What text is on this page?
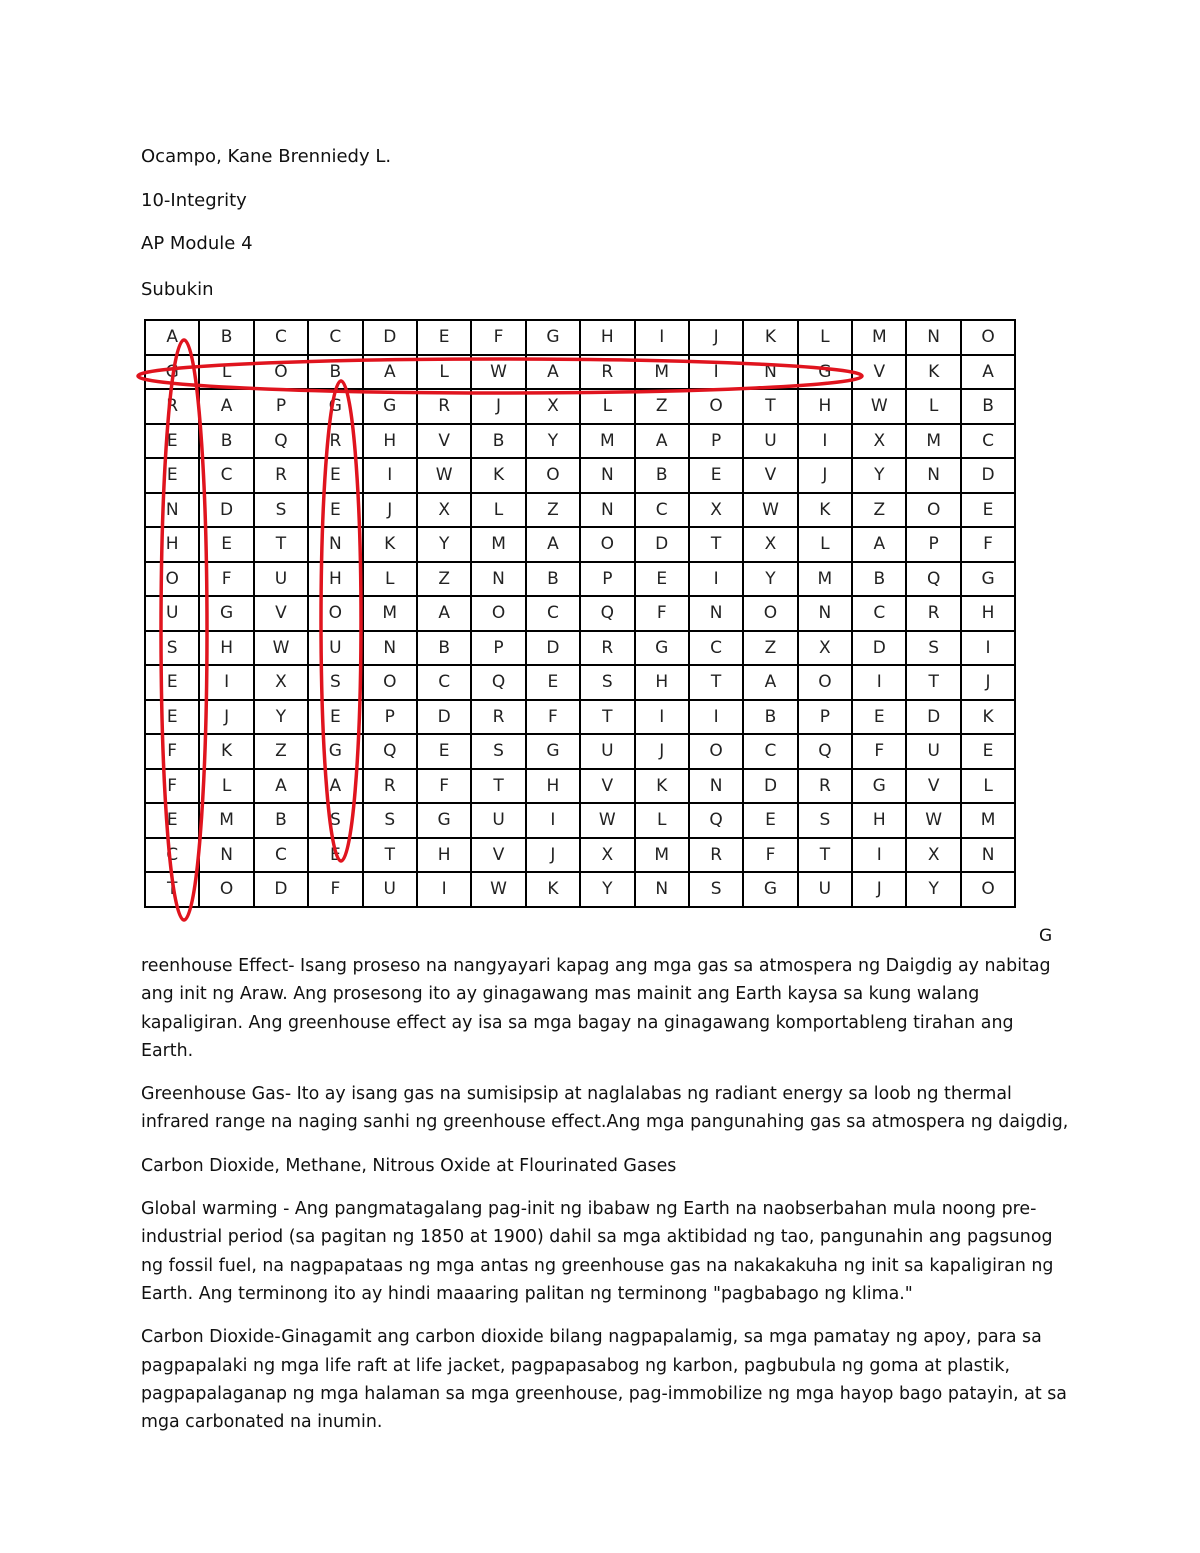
Ocampo, Kane Brenniedy L.
10-Integrity
AP Module 4
Subukin
A	B	C	C	D	E	F	G	H	I	J	K	L	M	N	O
G	L	O	B	A	L	W	A	R	M	I	N	G	V	K	A
R	A	P	G	G	R	J	X	L	Z	O	T	H	W	L	B
E	B	Q	R	H	V	B	Y	M	A	P	U	I	X	M	C
E	C	R	E	I	W	K	O	N	B	E	V	J	Y	N	D
N	D	S	E	J	X	L	Z	N	C	X	W	K	Z	O	E
H	E	T	N	K	Y	M	A	O	D	T	X	L	A	P	F
O	F	U	H	L	Z	N	B	P	E	I	Y	M	B	Q	G
U	G	V	O	M	A	O	C	Q	F	N	O	N	C	R	H
S	H	W	U	N	B	P	D	R	G	C	Z	X	D	S	I
E	I	X	S	O	C	Q	E	S	H	T	A	O	I	T	J
E	J	Y	E	P	D	R	F	T	I	I	B	P	E	D	K
F	K	Z	G	Q	E	S	G	U	J	O	C	Q	F	U	E
F	L	A	A	R	F	T	H	V	K	N	D	R	G	V	L
E	M	B	S	S	G	U	I	W	L	Q	E	S	H	W	M
C	N	C	E	T	H	V	J	X	M	R	F	T	I	X	N
T	O	D	F	U	I	W	K	Y	N	S	G	U	J	Y	O
G

reenhouse Effect- Isang proseso na nangyayari kapag ang mga gas sa atmospera ng Daigdig ay nabitag ang init ng Araw. Ang prosesong ito ay ginagawang mas mainit ang Earth kaysa sa kung walang kapaligiran. Ang greenhouse effect ay isa sa mga bagay na ginagawang komportableng tirahan ang Earth.

Greenhouse Gas- Ito ay isang gas na sumisipsip at naglalabas ng radiant energy sa loob ng thermal infrared range na naging sanhi ng greenhouse effect.Ang mga pangunahing gas sa atmospera ng daigdig,

Carbon Dioxide, Methane, Nitrous Oxide at Flourinated Gases

Global warming - Ang pangmatagalang pag-init ng ibabaw ng Earth na naobserbahan mula noong pre-industrial period (sa pagitan ng 1850 at 1900) dahil sa mga aktibidad ng tao, pangunahin ang pagsunog ng fossil fuel, na nagpapataas ng mga antas ng greenhouse gas na nakakakuha ng init sa kapaligiran ng Earth. Ang terminong ito ay hindi maaaring palitan ng terminong "pagbabago ng klima."

Carbon Dioxide-Ginagamit ang carbon dioxide bilang nagpapalamig, sa mga pamatay ng apoy, para sa pagpapalaki ng mga life raft at life jacket, pagpapasabog ng karbon, pagbubula ng goma at plastik, pagpapalaganap ng mga halaman sa mga greenhouse, pag-immobilize ng mga hayop bago patayin, at sa mga carbonated na inumin.
